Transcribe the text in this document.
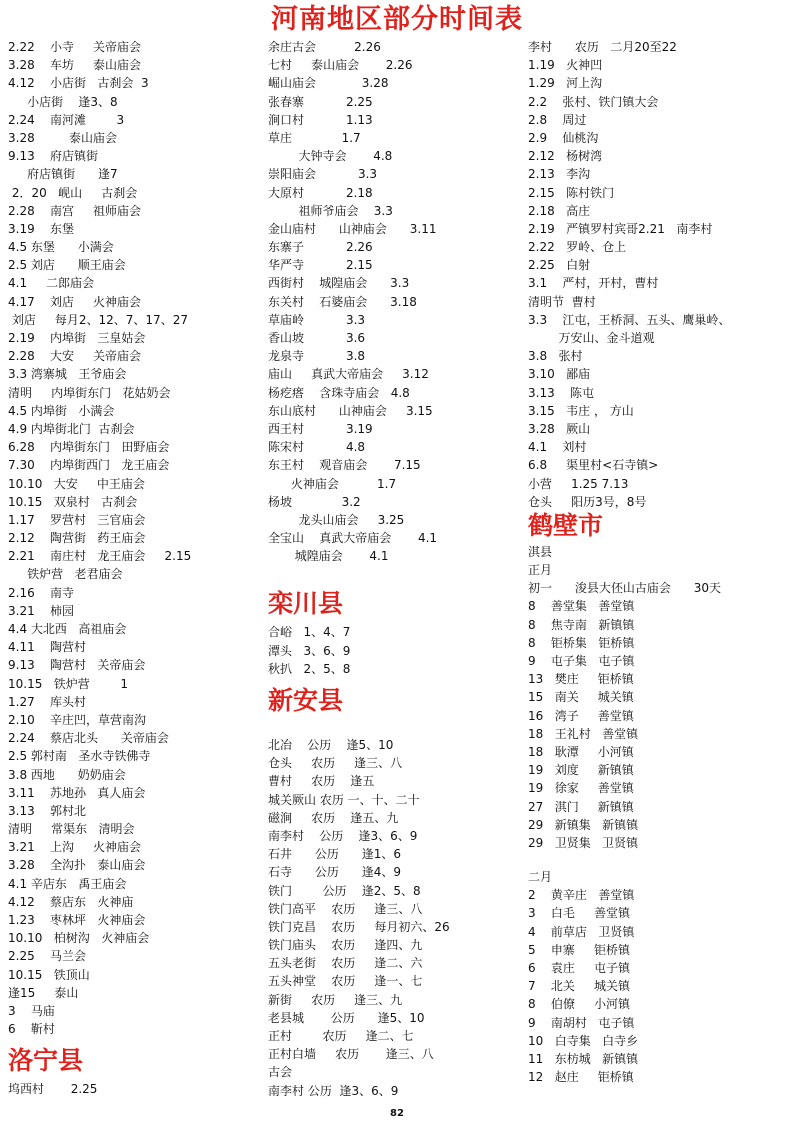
河南地区部分时间表
2.22    小寺     关帝庙会
3.28    车坊     泰山庙会
4.12    小店街   古刹会  3
小店街    逢3、8
2.24    南河滩        3
3.28         泰山庙会
9.13    府店镇街
府店镇街      逢7
2．20   岘山     古刹会
2.28    南宫     祖师庙会
3.19    东堡
4.5 东堡      小满会
2.5 刘店      顺王庙会
4.1     二郎庙会
4.17    刘店     火神庙会
刘店     每月2、12、7、17、27
2.19    内埠街   三皇姑会
2.28    大安     关帝庙会
3.3 湾寨城   王爷庙会
清明     内埠街东门   花姑奶会
4.5 内埠街   小满会
4.9 内埠街北门  古刹会
6.28    内埠街东门   田野庙会
7.30    内埠街西门   龙王庙会
10.10   大安     中王庙会
10.15   双泉村   古刹会
1.17    罗营村   三官庙会
2.12    陶营街   药王庙会
2.21    南庄村   龙王庙会     2.15
铁炉营   老君庙会
2.16    南寺
3.21    柿园
4.4 大北西   高祖庙会
4.11    陶营村
9.13    陶营村   关帝庙会
10.15   铁炉营        1
1.27    库头村
2.10    辛庄凹，草营南沟
2.24    蔡店北头      关帝庙会
2.5 郭村南   圣水寺铁佛寺
3.8 西地      奶奶庙会
3.11    苏地孙   真人庙会
3.13    郭村北
清明     常渠东   清明会
3.21    上沟     火神庙会
3.28    全沟扑   泰山庙会
4.1 辛店东   禹王庙会
4.12    蔡店东   火神庙
1.23    枣林坪   火神庙会
10.10   柏树沟   火神庙会
2.25    马兰会
10.15   铁顶山
逢15     泰山
3    马庙
6    靳村
洛宁县
坞西村       2.25
余庄古会          2.26
七村     泰山庙会       2.26
崛山庙会            3.28
张春寨           2.25
涧口村           1.13
草庄             1.7
大钟寺会       4.8
崇阳庙会           3.3
大原村           2.18
祖师爷庙会    3.3
金山庙村      山神庙会      3.11
东寨子           2.26
华严寺           2.15
西街村    城隍庙会      3.3
东关村    石婆庙会      3.18
草庙岭           3.3
香山坡           3.6
龙泉寺           3.8
庙山     真武大帝庙会     3.12
杨疙瘩    含珠寺庙会   4.8
东山底村      山神庙会     3.15
西王村           3.19
陈宋村           4.8
东王村    观音庙会       7.15
火神庙会          1.7
杨坡             3.2
龙头山庙会     3.25
全宝山    真武大帝庙会       4.1
城隍庙会       4.1
栾川县
合峪   1、4、7
潭头   3、6、9
秋扒   2、5、8
新安县
北冶    公历    逢5、10
仓头     农历     逢三、八
曹村     农历    逢五
城关厥山 农历 一、十、二十
磁涧     农历    逢五、九
南李村    公历    逢3、6、9
石井      公历      逢1、6
石寺      公历      逢4、9
铁门        公历    逢2、5、8
铁门高平    农历     逢三、八
铁门克昌    农历     每月初六、26
铁门庙头    农历     逢四、九
五头老街    农历     逢二、六
五头神堂    农历     逢一、七
新街     农历     逢三、九
老县城       公历      逢5、10
正村        农历     逢二、七
正村白墙     农历       逢三、八
古会
南李村 公历  逢3、6、9
李村      农历   二月20至22
1.19   火神凹
1.29   河上沟
2.2    张村、铁门镇大会
2.8    周过
2.9    仙桃沟
2.12   杨树湾
2.13   李沟
2.15   陈村铁门
2.18   高庄
2.19   严镇罗村宾哥2.21   南李村
2.22   罗岭、仓上
2.25   白射
3.1    严村，开村，曹村
清明节  曹村
3.3    江屯，王桥洞、五头、鹰巢岭、
万安山、金斗道观
3.8   张村
3.10   鄙庙
3.13    陈屯
3.15   韦庄 ， 方山
3.28   厥山
4.1    刘村
6.8     渠里村<石寺镇>
小营     1.25 7.13
仓头     阳历3号，8号
鹤壁市
淇县
正月
初一      浚县大伾山古庙会      30天
8    善堂集   善堂镇
8    焦寺南   新镇镇
8    钜桥集   钜桥镇
9    屯子集   屯子镇
13   樊庄     钜桥镇
15   南关     城关镇
16   湾子     善堂镇
18   王礼村   善堂镇
18   耿潭     小河镇
19   刘度     新镇镇
19   徐家     善堂镇
27   淇门     新镇镇
29   新镇集   新镇镇
29   卫贤集   卫贤镇
二月
2    黄辛庄   善堂镇
3    白毛     善堂镇
4    前草店   卫贤镇
5    申寨     钜桥镇
6    袁庄     屯子镇
7    北关     城关镇
8    伯僚     小河镇
9    南胡村   屯子镇
10   白寺集   白寺乡
11   东枋城   新镇镇
12   赵庄     钜桥镇
82
